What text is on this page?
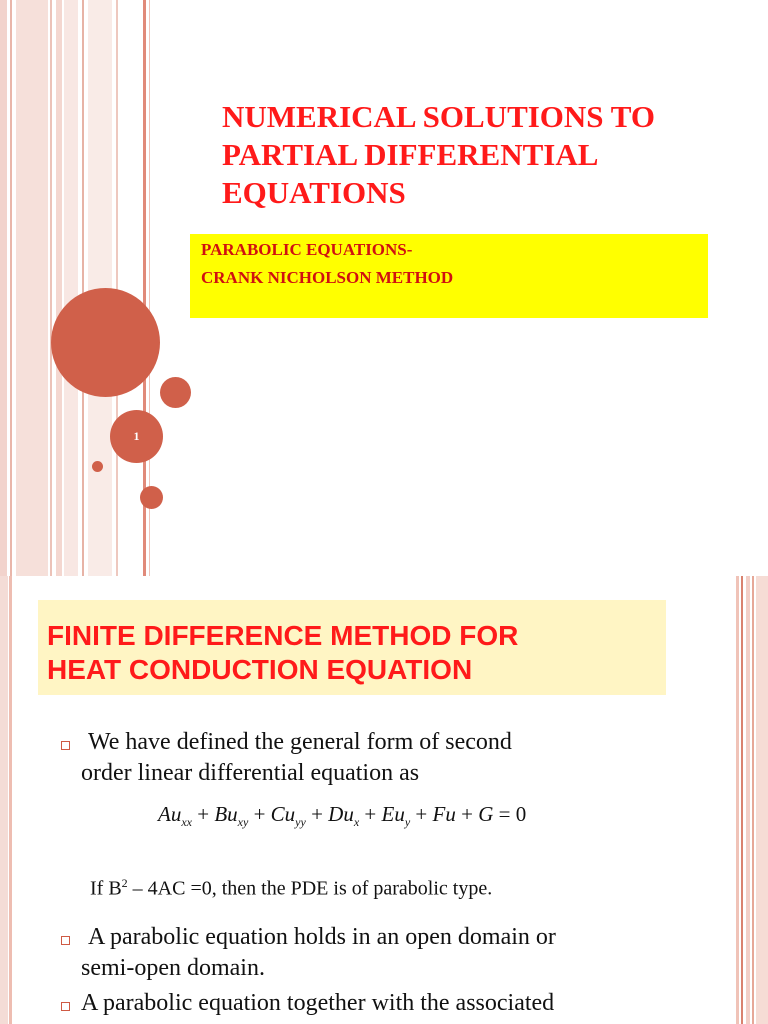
1
NUMERICAL SOLUTIONS TO
PARTIAL DIFFERENTIAL
EQUATIONS
PARABOLIC EQUATIONS-
CRANK NICHOLSON METHOD
FINITE DIFFERENCE METHOD FOR
HEAT CONDUCTION EQUATION
We have defined the general form of second
order linear differential equation as
$Au_{xx} + Bu_{xy} + Cu_{yy} + Du_x + Eu_y + Fu + G = 0$
If $B^2 - 4AC =0$, then the PDE is of parabolic type.
A parabolic equation holds in an open domain or
semi-open domain.
A parabolic equation together with the associated
